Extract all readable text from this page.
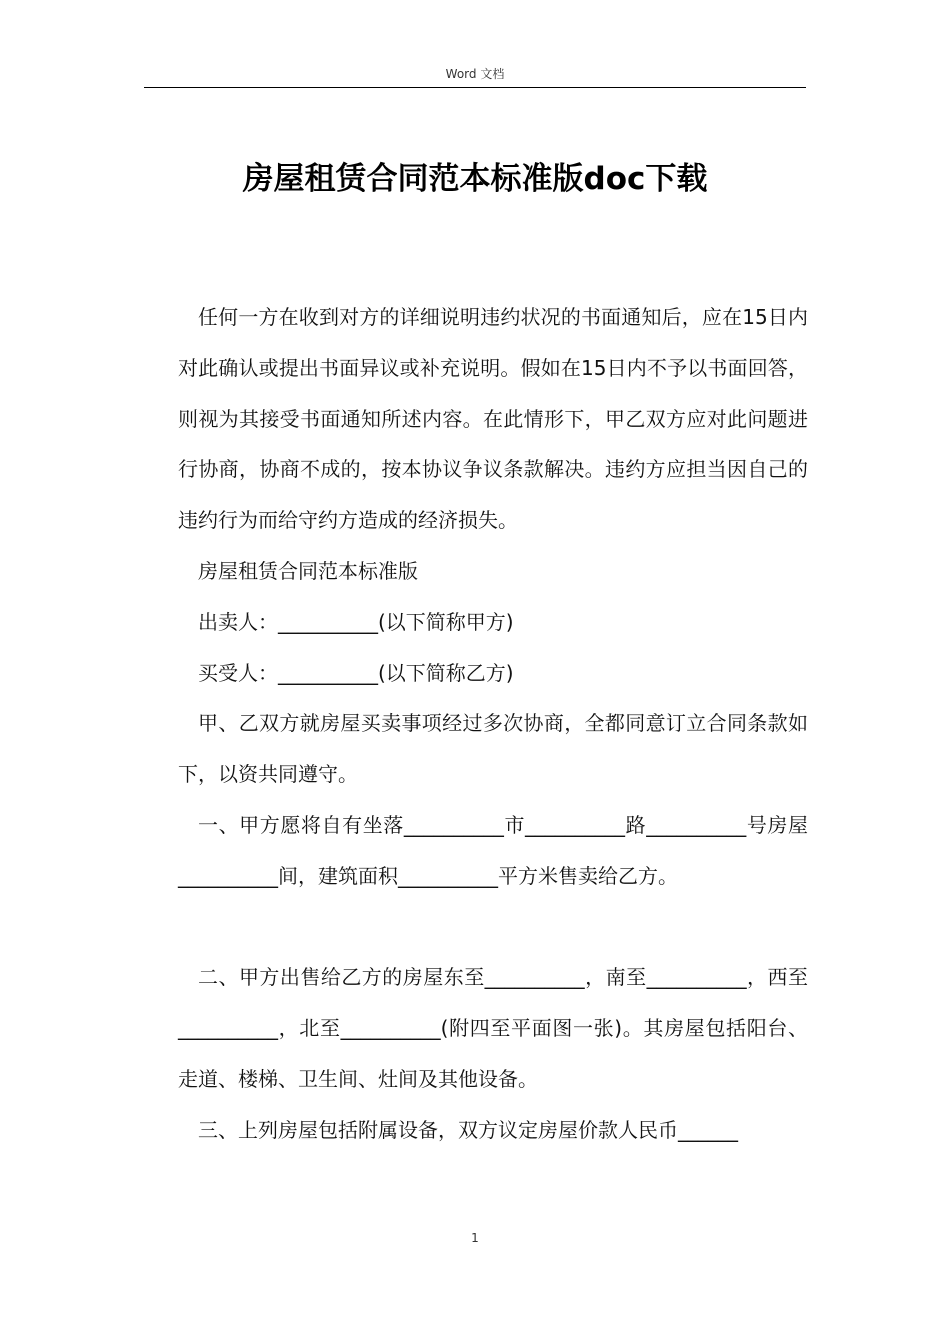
Word 文档
房屋租赁合同范本标准版doc下载

任何一方在收到对方的详细说明违约状况的书面通知后，应在15日内对此确认或提出书面异议或补充说明。假如在15日内不予以书面回答，则视为其接受书面通知所述内容。在此情形下，甲乙双方应对此问题进行协商，协商不成的，按本协议争议条款解决。违约方应担当因自己的违约行为而给守约方造成的经济损失。

房屋租赁合同范本标准版

出卖人：__________(以下简称甲方)

买受人：__________(以下简称乙方)

甲、乙双方就房屋买卖事项经过多次协商，全都同意订立合同条款如下，以资共同遵守。

一、甲方愿将自有坐落__________市__________路__________号房屋__________间，建筑面积__________平方米售卖给乙方。

二、甲方出售给乙方的房屋东至__________，南至__________，西至__________，北至__________(附四至平面图一张)。其房屋包括阳台、走道、楼梯、卫生间、灶间及其他设备。

三、上列房屋包括附属设备，双方议定房屋价款人民币______

1
